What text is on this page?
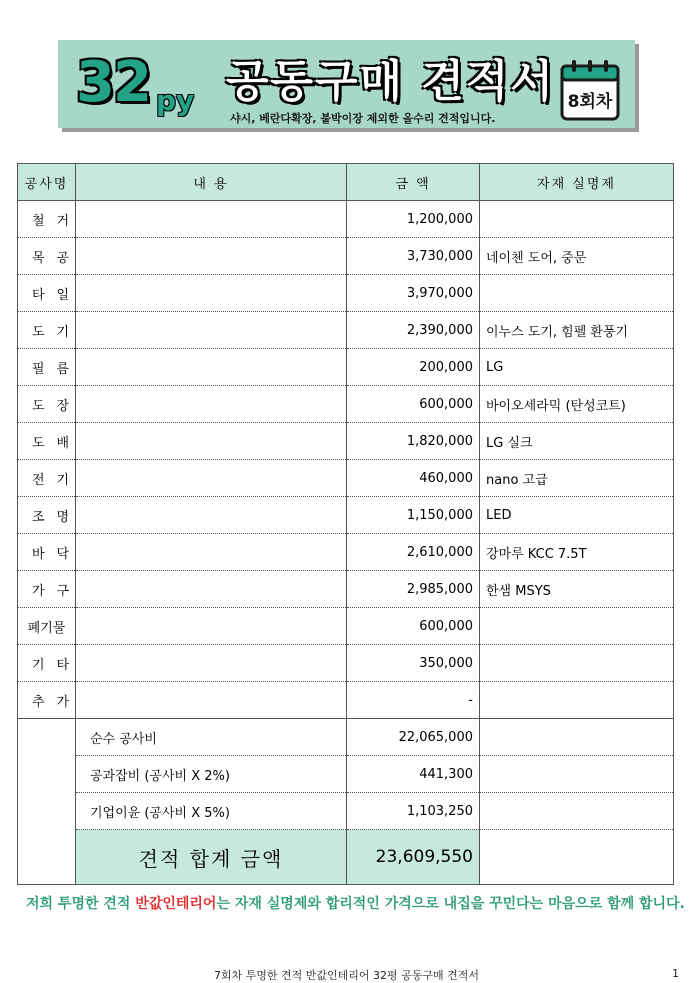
32 py 공동구매 견적서
샤시, 베란다확장, 붙박이장 제외한 올수리 견적입니다.
8회차
공사명	내 용	금 액	자재 실명제
철거		1,200,000	
목공		3,730,000	네이첸 도어, 중문
타일		3,970,000	
도기		2,390,000	이누스 도기, 힘펠 환풍기
필름		200,000	LG
도장		600,000	바이오세라믹 (탄성코트)
도배		1,820,000	LG 실크
전기		460,000	nano 고급
조명		1,150,000	LED
바닥		2,610,000	강마루 KCC 7.5T
가구		2,985,000	한샘 MSYS
폐기물		600,000	
기타		350,000	
추가		-	
	순수 공사비	22,065,000	
	공과잡비 (공사비 X 2%)	441,300	
	기업이윤 (공사비 X 5%)	1,103,250	
	견적 합계 금액	23,609,550	
저희 투명한 견적 반값인테리어는 자재 실명제와 합리적인 가격으로 내집을 꾸민다는 마음으로 함께 합니다.
7회차 투명한 견적 반값인테리어 32평 공동구매 견적서	1
